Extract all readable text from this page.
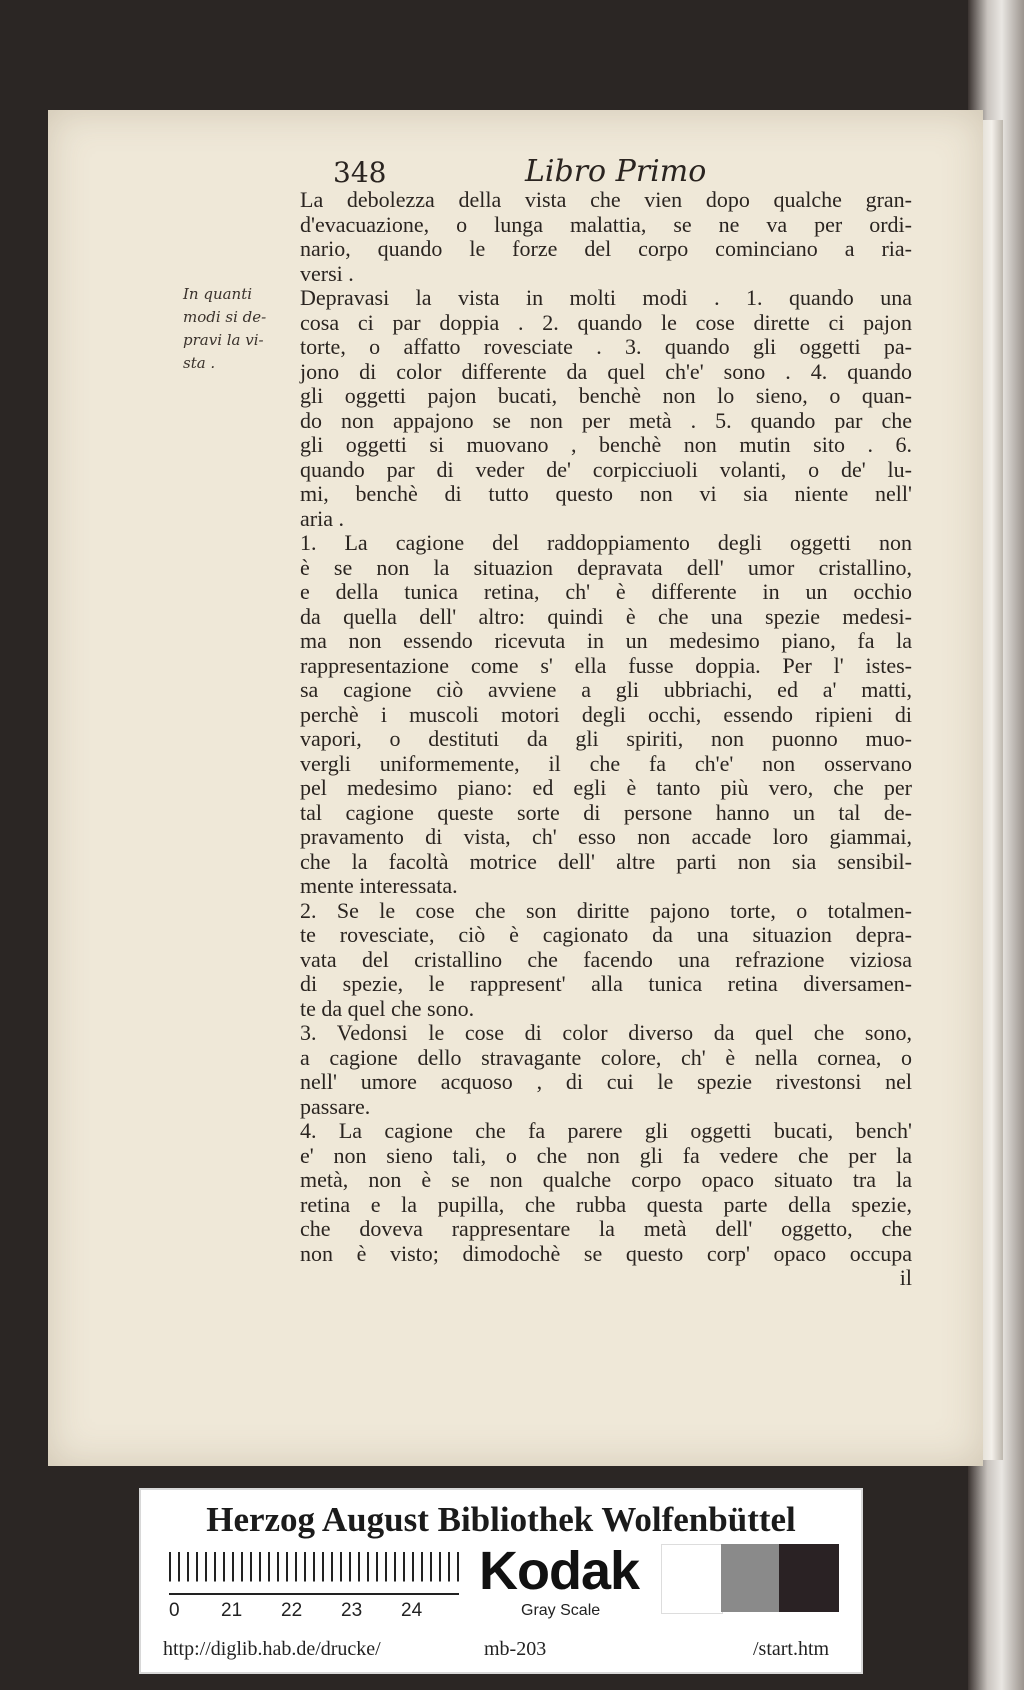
348	Libro Primo
In quanti
modi si de-
pravi la vi-
sta .
La debolezza della vista che vien dopo qualche gran-
d'evacuazione, o lunga malattia, se ne va per ordi-
nario, quando le forze del corpo cominciano a ria-
versi .
Depravasi la vista in molti modi . 1. quando una
cosa ci par doppia . 2. quando le cose dirette ci pajon
torte, o affatto rovesciate . 3. quando gli oggetti pa-
jono di color differente da quel ch'e' sono . 4. quando
gli oggetti pajon bucati, benchè non lo sieno, o quan-
do non appajono se non per metà . 5. quando par che
gli oggetti si muovano , benchè non mutin sito . 6.
quando par di veder de' corpicciuoli volanti, o de' lu-
mi, benchè di tutto questo non vi sia niente nell'
aria .
1. La cagione del raddoppiamento degli oggetti non
è se non la situazion depravata dell' umor cristallino,
e della tunica retina, ch' è differente in un occhio
da quella dell' altro: quindi è che una spezie medesi-
ma non essendo ricevuta in un medesimo piano, fa la
rappresentazione come s' ella fusse doppia. Per l' istes-
sa cagione ciò avviene a gli ubbriachi, ed a' matti,
perchè i muscoli motori degli occhi, essendo ripieni di
vapori, o destituti da gli spiriti, non puonno muo-
vergli uniformemente, il che fa ch'e' non osservano
pel medesimo piano: ed egli è tanto più vero, che per
tal cagione queste sorte di persone hanno un tal de-
pravamento di vista, ch' esso non accade loro giammai,
che la facoltà motrice dell' altre parti non sia sensibil-
mente interessata.
2. Se le cose che son diritte pajono torte, o totalmen-
te rovesciate, ciò è cagionato da una situazion depra-
vata del cristallino che facendo una refrazione viziosa
di spezie, le rappresent' alla tunica retina diversamen-
te da quel che sono.
3. Vedonsi le cose di color diverso da quel che sono,
a cagione dello stravagante colore, ch' è nella cornea, o
nell' umore acquoso , di cui le spezie rivestonsi nel
passare.
4. La cagione che fa parere gli oggetti bucati, bench'
e' non sieno tali, o che non gli fa vedere che per la
metà, non è se non qualche corpo opaco situato tra la
retina e la pupilla, che rubba questa parte della spezie,
che doveva rappresentare la metà dell' oggetto, che
non è visto; dimodochè se questo corp' opaco occupa
il
Herzog August Bibliothek Wolfenbüttel
0 21 22 23 24
Kodak
Gray Scale
http://diglib.hab.de/drucke/	mb-203	/start.htm
